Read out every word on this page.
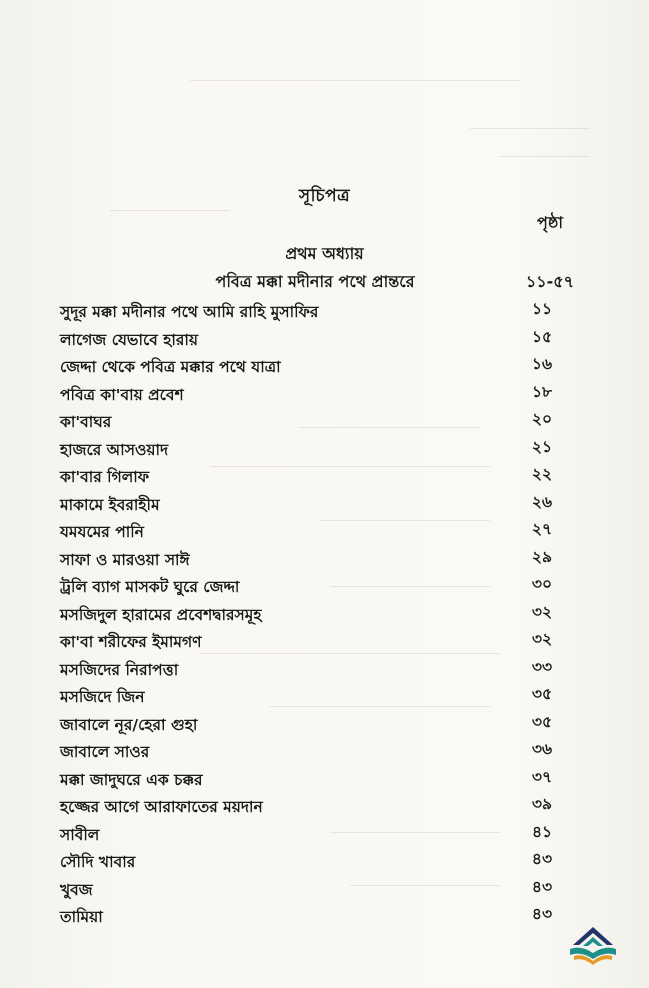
সূচিপত্র
পৃষ্ঠা
প্রথম অধ্যায়
পবিত্র মক্কা মদীনার পথে প্রান্তরে	১১-৫৭
সুদূর মক্কা মদীনার পথে আমি রাহি মুসাফির	১১
লাগেজ যেভাবে হারায়	১৫
জেদ্দা থেকে পবিত্র মক্কার পথে যাত্রা	১৬
পবিত্র কা'বায় প্রবেশ	১৮
কা'বাঘর	২০
হাজরে আসওয়াদ	২১
কা'বার গিলাফ	২২
মাকামে ইবরাহীম	২৬
যমযমের পানি	২৭
সাফা ও মারওয়া সাঈ	২৯
ট্রলি ব্যাগ মাসকট ঘুরে জেদ্দা	৩০
মসজিদুল হারামের প্রবেশদ্বারসমূহ	৩২
কা'বা শরীফের ইমামগণ	৩২
মসজিদের নিরাপত্তা	৩৩
মসজিদে জিন	৩৫
জাবালে নূর/হেরা গুহা	৩৫
জাবালে সাওর	৩৬
মক্কা জাদুঘরে এক চক্কর	৩৭
হজ্জের আগে আরাফাতের ময়দান	৩৯
সাবীল	৪১
সৌদি খাবার	৪৩
খুবজ	৪৩
তামিয়া	৪৩
